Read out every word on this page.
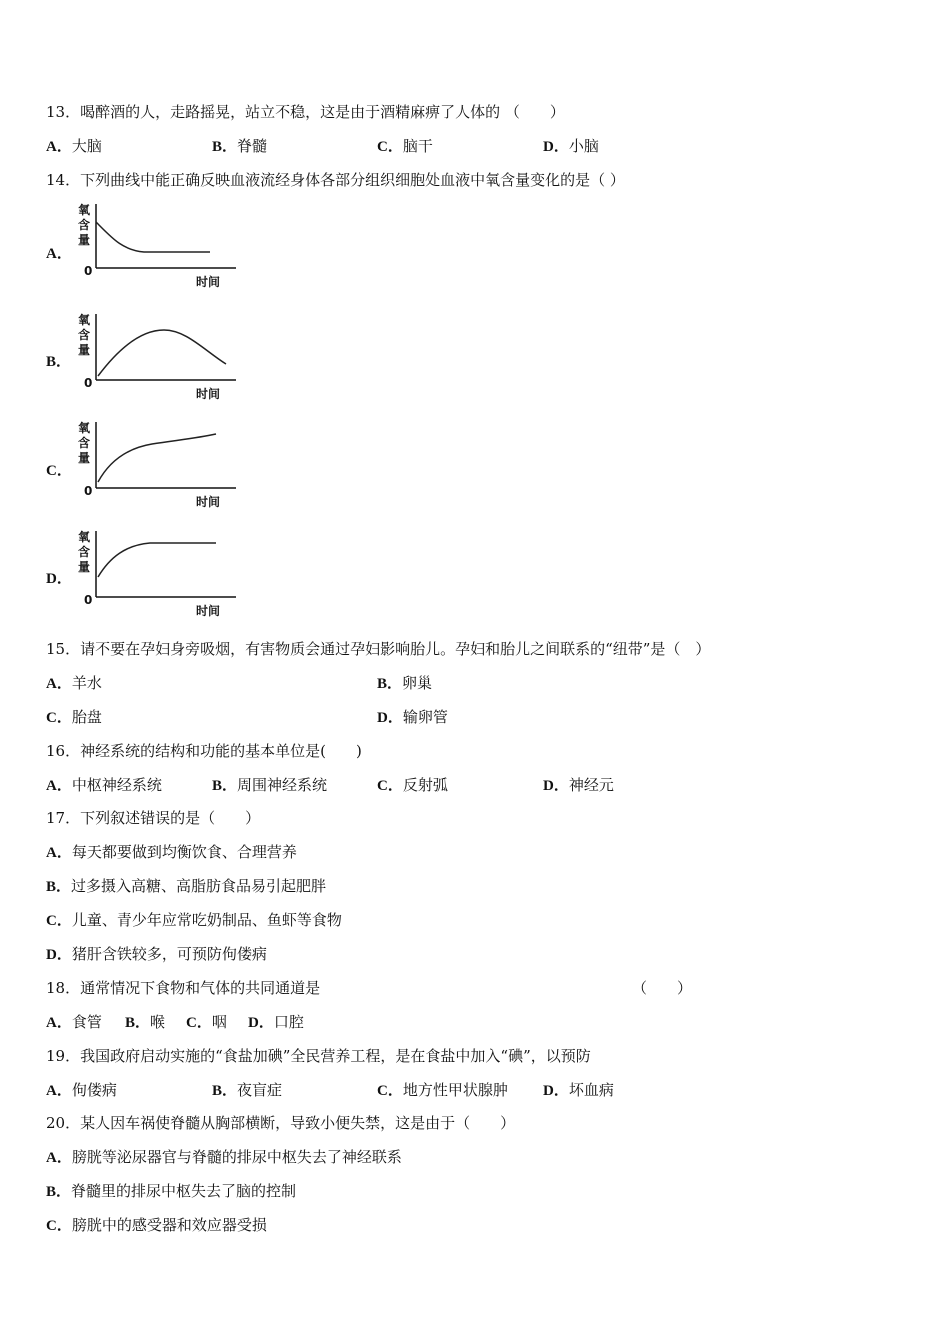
13．喝醉酒的人，走路摇晃，站立不稳，这是由于酒精麻痹了人体的 （　　）
A．大脑	B．脊髓	C．脑干	D．小脑
14．下列曲线中能正确反映血液流经身体各部分组织细胞处血液中氧含量变化的是（ ）
A．
氧
含
量
0
时间
B．
氧
含
量
0
时间
C．
氧
含
量
0
时间
D．
氧
含
量
0
时间
15．请不要在孕妇身旁吸烟，有害物质会通过孕妇影响胎儿。孕妇和胎儿之间联系的“纽带”是（　）
A．羊水	B．卵巢
C．胎盘	D．输卵管
16．神经系统的结构和功能的基本单位是(　　)
A．中枢神经系统	B．周围神经系统	C．反射弧	D．神经元
17．下列叙述错误的是（　　）
A．每天都要做到均衡饮食、合理营养
B．过多摄入高糖、高脂肪食品易引起肥胖
C．儿童、青少年应常吃奶制品、鱼虾等食物
D．猪肝含铁较多，可预防佝偻病
18．通常情况下食物和气体的共同通道是	（　　）
A．食管 B．喉 C．咽 D．口腔
19．我国政府启动实施的“食盐加碘”全民营养工程，是在食盐中加入“碘”，以预防
A．佝偻病	B．夜盲症	C．地方性甲状腺肿 D．坏血病
20．某人因车祸使脊髓从胸部横断，导致小便失禁，这是由于（　　）
A．膀胱等泌尿器官与脊髓的排尿中枢失去了神经联系
B．脊髓里的排尿中枢失去了脑的控制
C．膀胱中的感受器和效应器受损
